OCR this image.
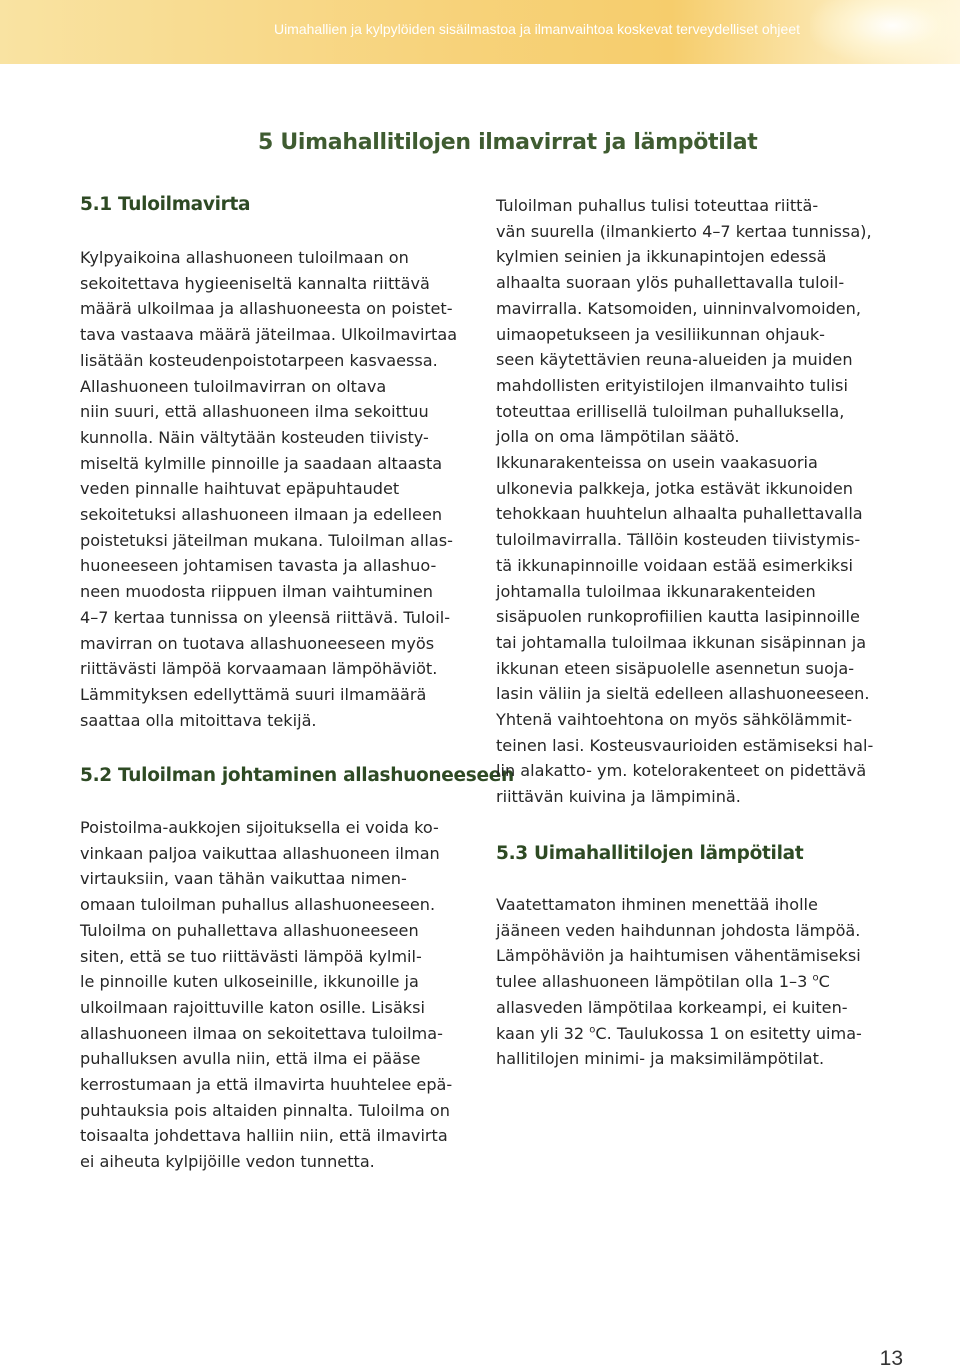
Uimahallien ja kylpylöiden sisäilmastoa ja ilmanvaihtoa koskevat terveydelliset ohjeet
5 Uimahallitilojen ilmavirrat ja lämpötilat
5.1 Tuloilmavirta

Kylpyaikoina allashuoneen tuloilmaan on
sekoitettava hygieeniseltä kannalta riittävä
määrä ulkoilmaa ja allashuoneesta on poistet-
tava vastaava määrä jäteilmaa. Ulkoilmavirtaa
lisätään kosteudenpoistotarpeen kasvaessa.
Allashuoneen tuloilmavirran on oltava
niin suuri, että allashuoneen ilma sekoittuu
kunnolla. Näin vältytään kosteuden tiivisty-
miseltä kylmille pinnoille ja saadaan altaasta
veden pinnalle haihtuvat epäpuhtaudet
sekoitetuksi allashuoneen ilmaan ja edelleen
poistetuksi jäteilman mukana. Tuloilman allas-
huoneeseen johtamisen tavasta ja allashuo-
neen muodosta riippuen ilman vaihtuminen
4–7 kertaa tunnissa on yleensä riittävä. Tuloil-
mavirran on tuotava allashuoneeseen myös
riittävästi lämpöä korvaamaan lämpöhäviöt.
Lämmityksen edellyttämä suuri ilmamäärä
saattaa olla mitoittava tekijä.

5.2 Tuloilman johtaminen allashuoneeseen

Poistoilma-aukkojen sijoituksella ei voida ko-
vinkaan paljoa vaikuttaa allashuoneen ilman
virtauksiin, vaan tähän vaikuttaa nimen-
omaan tuloilman puhallus allashuoneeseen.
Tuloilma on puhallettava allashuoneeseen
siten, että se tuo riittävästi lämpöä kylmil-
le pinnoille kuten ulkoseinille, ikkunoille ja
ulkoilmaan rajoittuville katon osille. Lisäksi
allashuoneen ilmaa on sekoitettava tuloilma-
puhalluksen avulla niin, että ilma ei pääse
kerrostumaan ja että ilmavirta huuhtelee epä-
puhtauksia pois altaiden pinnalta. Tuloilma on
toisaalta johdettava halliin niin, että ilmavirta
ei aiheuta kylpijöille vedon tunnetta.

Tuloilman puhallus tulisi toteuttaa riittä-
vän suurella (ilmankierto 4–7 kertaa tunnissa),
kylmien seinien ja ikkunapintojen edessä
alhaalta suoraan ylös puhallettavalla tuloil-
mavirralla. Katsomoiden, uinninvalvomoiden,
uimaopetukseen ja vesiliikunnan ohjauk-
seen käytettävien reuna-alueiden ja muiden
mahdollisten erityistilojen ilmanvaihto tulisi
toteuttaa erillisellä tuloilman puhalluksella,
jolla on oma lämpötilan säätö.
Ikkunarakenteissa on usein vaakasuoria
ulkonevia palkkeja, jotka estävät ikkunoiden
tehokkaan huuhtelun alhaalta puhallettavalla
tuloilmavirralla. Tällöin kosteuden tiivistymis-
tä ikkunapinnoille voidaan estää esimerkiksi
johtamalla tuloilmaa ikkunarakenteiden
sisäpuolen runkoprofiilien kautta lasipinnoille
tai johtamalla tuloilmaa ikkunan sisäpinnan ja
ikkunan eteen sisäpuolelle asennetun suoja-
lasin väliin ja sieltä edelleen allashuoneeseen.
Yhtenä vaihtoehtona on myös sähkölämmit-
teinen lasi. Kosteusvaurioiden estämiseksi hal-
lin alakatto- ym. kotelorakenteet on pidettävä
riittävän kuivina ja lämpiminä.

5.3 Uimahallitilojen lämpötilat

Vaatettamaton ihminen menettää iholle
jääneen veden haihdunnan johdosta lämpöä.
Lämpöhäviön ja haihtumisen vähentämiseksi
tulee allashuoneen lämpötilan olla 1–3 $^o$C
allasveden lämpötilaa korkeampi, ei kuiten-
kaan yli 32 $^o$C. Taulukossa 1 on esitetty uima-
hallitilojen minimi- ja maksimilämpötilat.

13
